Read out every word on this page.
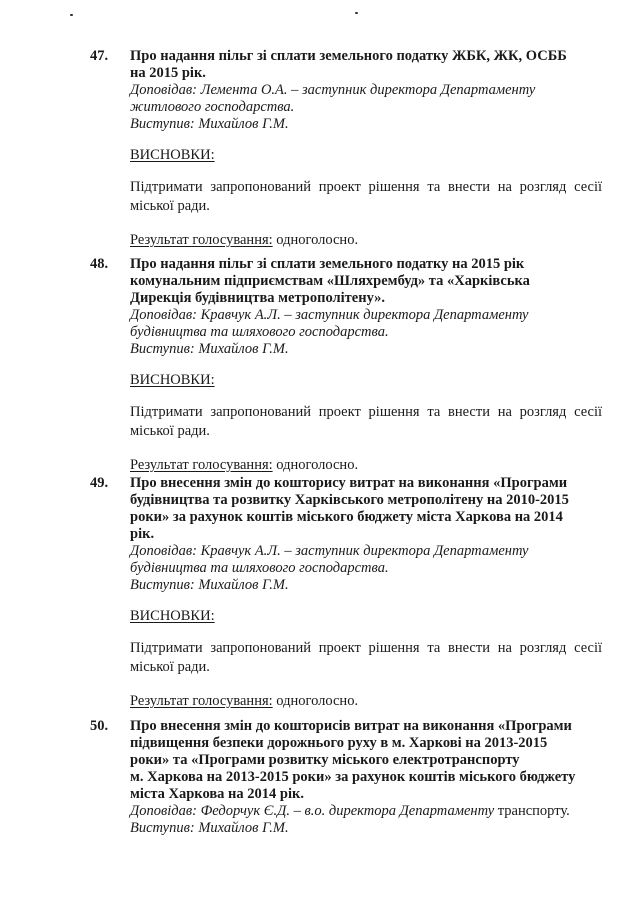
47.	Про надання пільг зі сплати земельного податку ЖБК, ЖК, ОСББ

на 2015 рік.

Доповідав: Лемента О.А. – заступник директора Департаменту

житлового господарства.

Виступив: Михайлов Г.М.

ВИСНОВКИ:

Підтримати запропонований проект рішення та внести на розгляд сесії міської ради.

Результат голосування: одноголосно.

48.	Про надання пільг зі сплати земельного податку на 2015 рік
комунальним підприємствам «Шляхрембуд» та «Харківська

Дирекція будівництва метрополітену».

Доповідав: Кравчук А.Л. – заступник директора Департаменту

будівництва та шляхового господарства.

Виступив: Михайлов Г.М.

ВИСНОВКИ:

Підтримати запропонований проект рішення та внести на розгляд сесії міської ради.

Результат голосування: одноголосно.

49.	Про внесення змін до кошторису витрат на виконання «Програми
будівництва та розвитку Харківського метрополітену на 2010-2015
роки» за рахунок коштів міського бюджету міста Харкова на 2014

рік.

Доповідав: Кравчук А.Л. – заступник директора Департаменту

будівництва та шляхового господарства.

Виступив: Михайлов Г.М.

ВИСНОВКИ:

Підтримати запропонований проект рішення та внести на розгляд сесії міської ради.

Результат голосування: одноголосно.

50.	Про внесення змін до кошторисів витрат на виконання «Програми
підвищення безпеки дорожнього руху в м. Харкові на 2013-2015
роки» та «Програми розвитку міського електротранспорту
м. Харкова на 2013-2015 роки» за рахунок коштів міського бюджету

міста Харкова на 2014 рік.

Доповідав: Федорчук Є.Д. – в.о. директора Департаменту транспорту.

Виступив: Михайлов Г.М.
